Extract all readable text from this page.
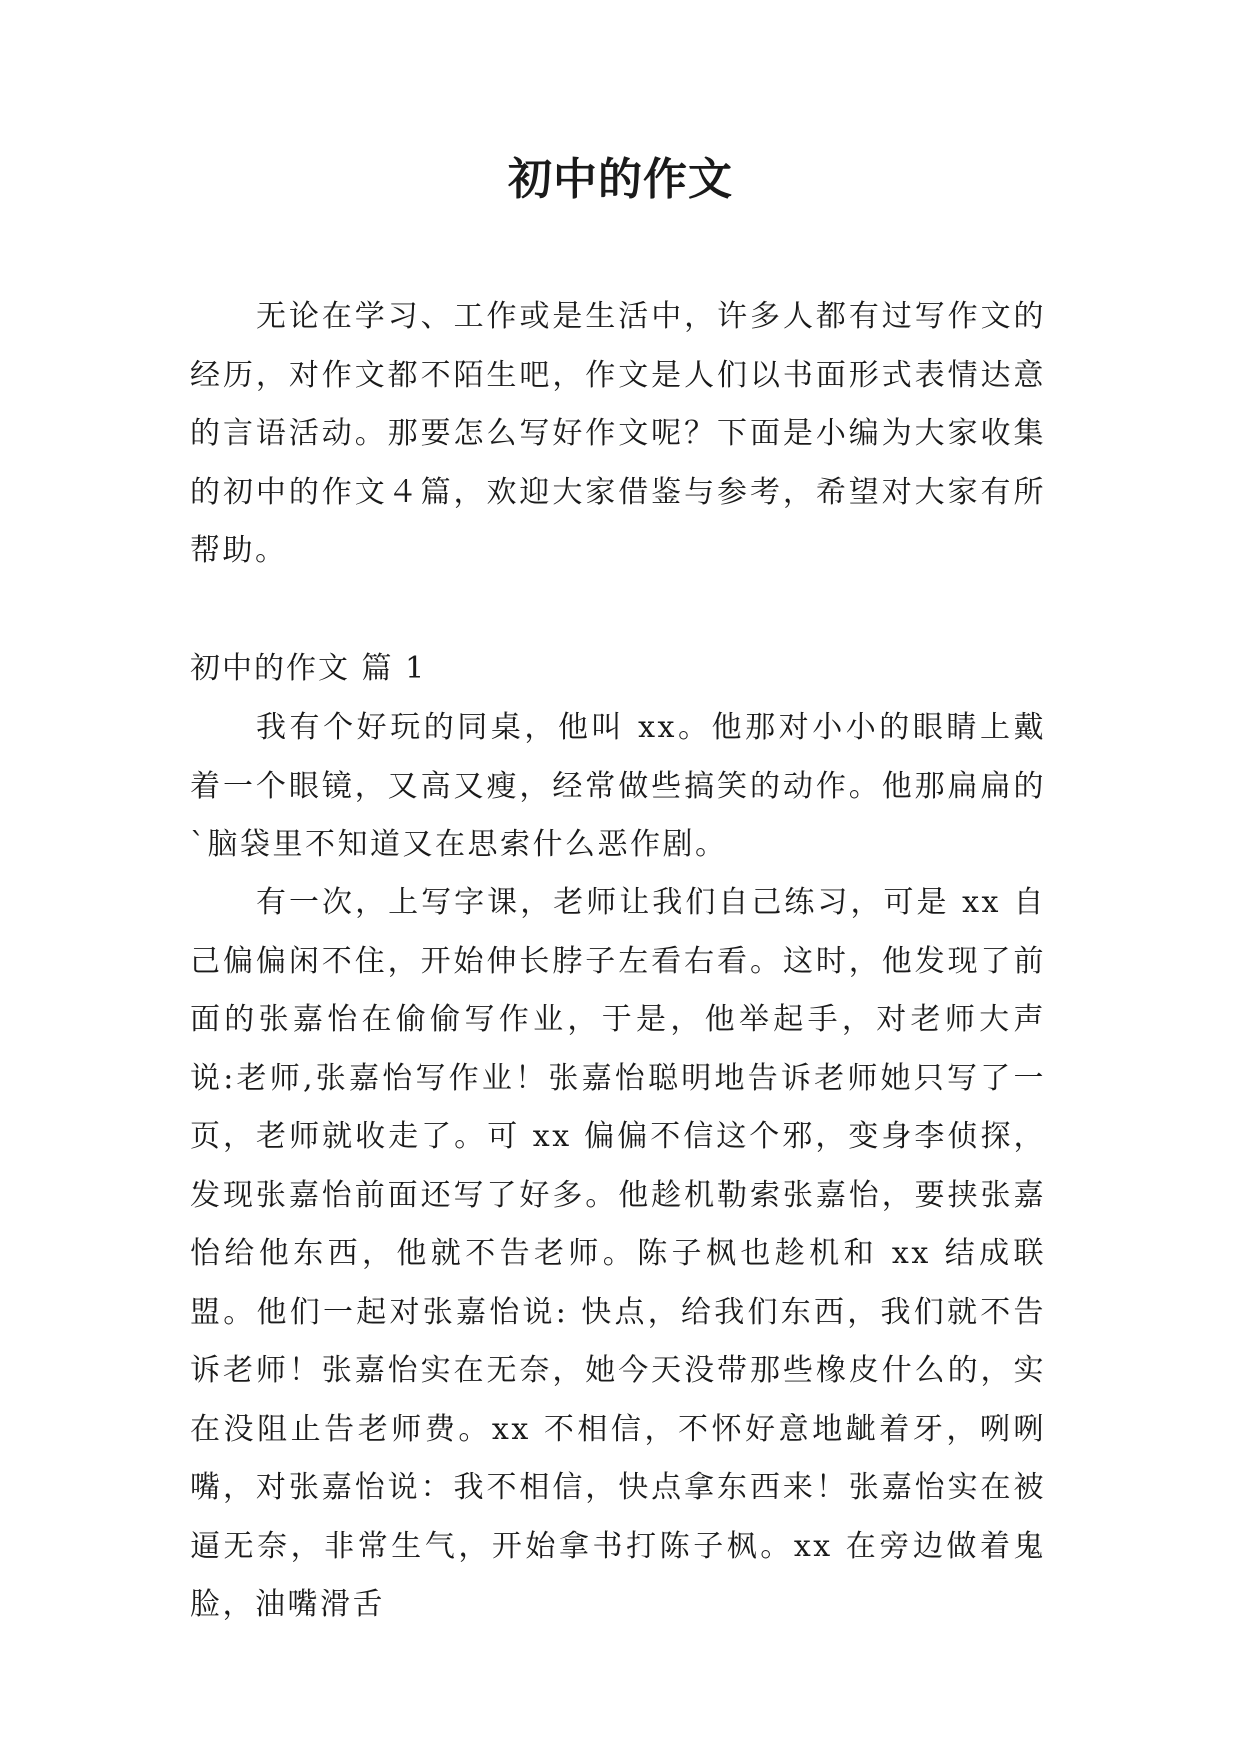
初中的作文

无论在学习、工作或是生活中，许多人都有过写作文的经历，对作文都不陌生吧，作文是人们以书面形式表情达意的言语活动。那要怎么写好作文呢？下面是小编为大家收集的初中的作文４篇，欢迎大家借鉴与参考，希望对大家有所帮助。

初中的作文 篇 1

我有个好玩的同桌，他叫 xx。他那对小小的眼睛上戴着一个眼镜，又高又瘦，经常做些搞笑的动作。他那扁扁的`脑袋里不知道又在思索什么恶作剧。

有一次，上写字课，老师让我们自己练习，可是 xx 自己偏偏闲不住，开始伸长脖子左看右看。这时，他发现了前面的张嘉怡在偷偷写作业，于是，他举起手，对老师大声说:老师,张嘉怡写作业！张嘉怡聪明地告诉老师她只写了一页，老师就收走了。可 xx 偏偏不信这个邪，变身李侦探，发现张嘉怡前面还写了好多。他趁机勒索张嘉怡，要挟张嘉怡给他东西，他就不告老师。陈子枫也趁机和 xx 结成联盟。他们一起对张嘉怡说: 快点，给我们东西，我们就不告诉老师！张嘉怡实在无奈，她今天没带那些橡皮什么的，实在没阻止告老师费。xx 不相信，不怀好意地龇着牙，咧咧嘴，对张嘉怡说：我不相信，快点拿东西来！张嘉怡实在被逼无奈，非常生气，开始拿书打陈子枫。xx 在旁边做着鬼脸，油嘴滑舌
